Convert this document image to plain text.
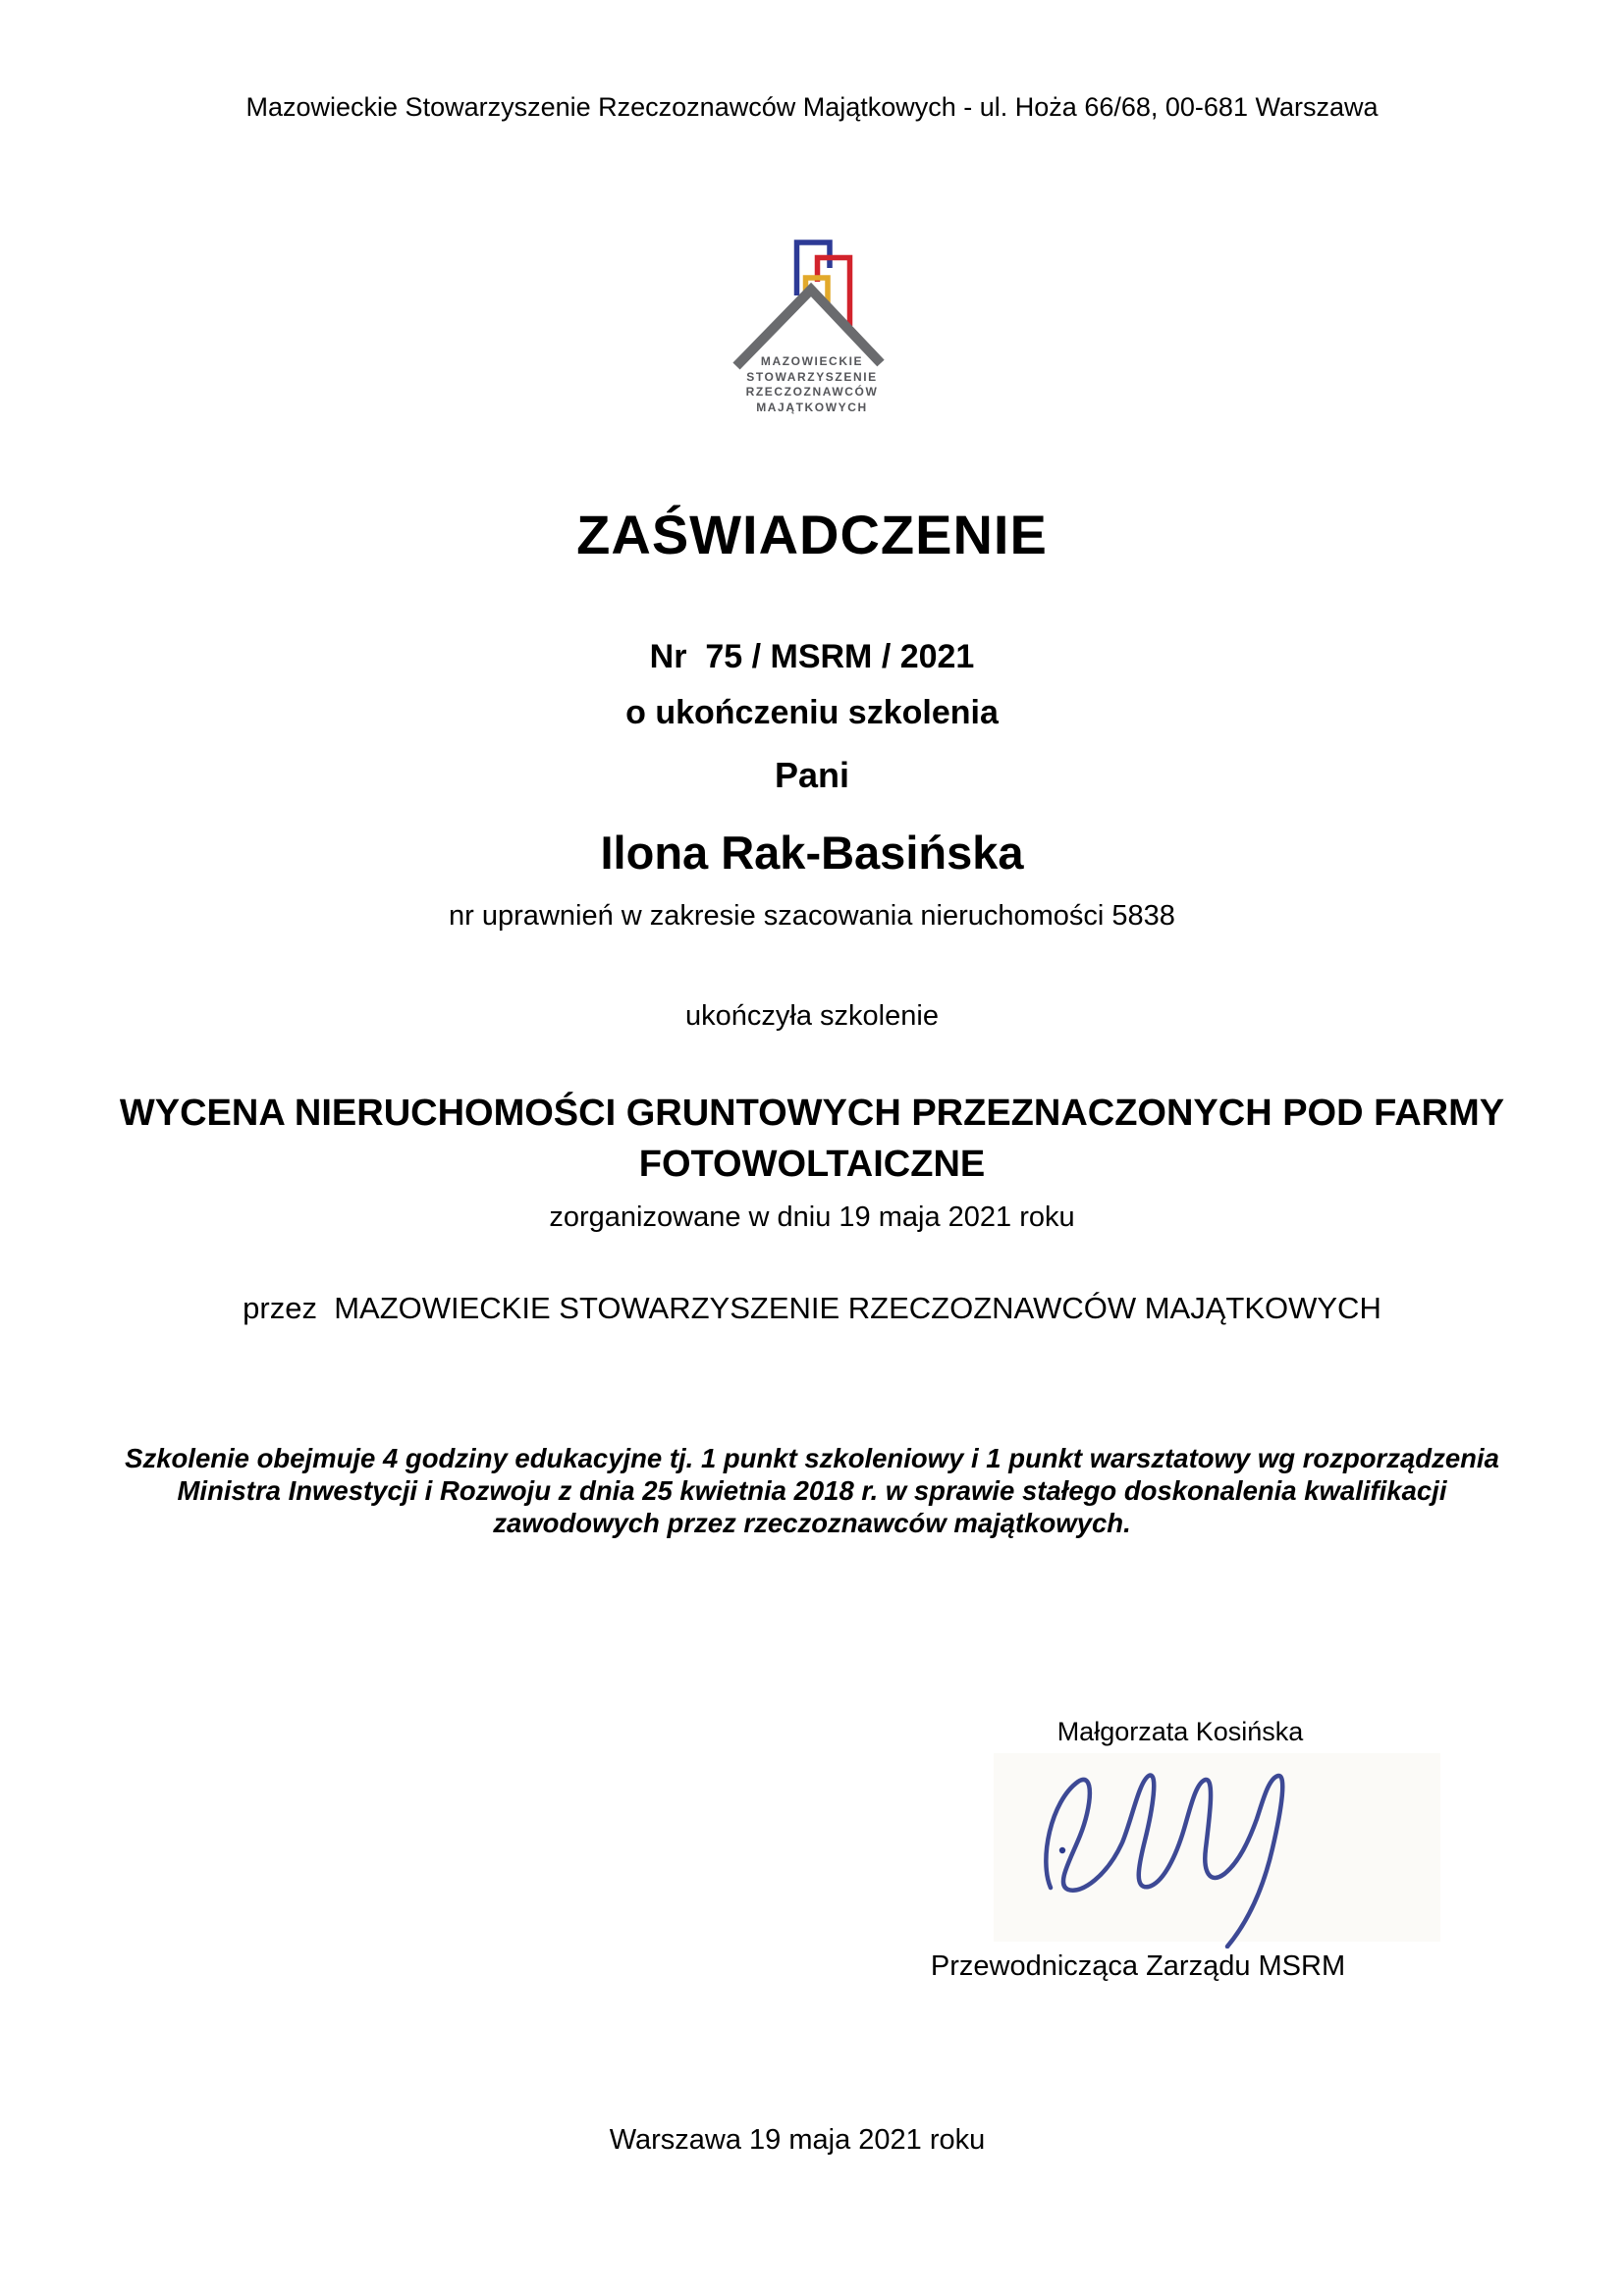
Mazowieckie Stowarzyszenie Rzeczoznawców Majątkowych - ul. Hoża 66/68, 00-681 Warszawa
MAZOWIECKIE
STOWARZYSZENIE
RZECZOZNAWCÓW
MAJĄTKOWYCH
ZAŚWIADCZENIE
Nr  75 / MSRM / 2021
o ukończeniu szkolenia
Pani
Ilona Rak-Basińska
nr uprawnień w zakresie szacowania nieruchomości 5838
ukończyła szkolenie
WYCENA NIERUCHOMOŚCI GRUNTOWYCH PRZEZNACZONYCH POD FARMY
FOTOWOLTAICZNE
zorganizowane w dniu 19 maja 2021 roku
przez  MAZOWIECKIE STOWARZYSZENIE RZECZOZNAWCÓW MAJĄTKOWYCH
Szkolenie obejmuje 4 godziny edukacyjne tj. 1 punkt szkoleniowy i 1 punkt warsztatowy wg rozporządzenia Ministra Inwestycji i Rozwoju z dnia 25 kwietnia 2018 r. w sprawie stałego doskonalenia kwalifikacji zawodowych przez rzeczoznawców majątkowych.
Małgorzata Kosińska
Przewodnicząca Zarządu MSRM
Warszawa 19 maja 2021 roku
